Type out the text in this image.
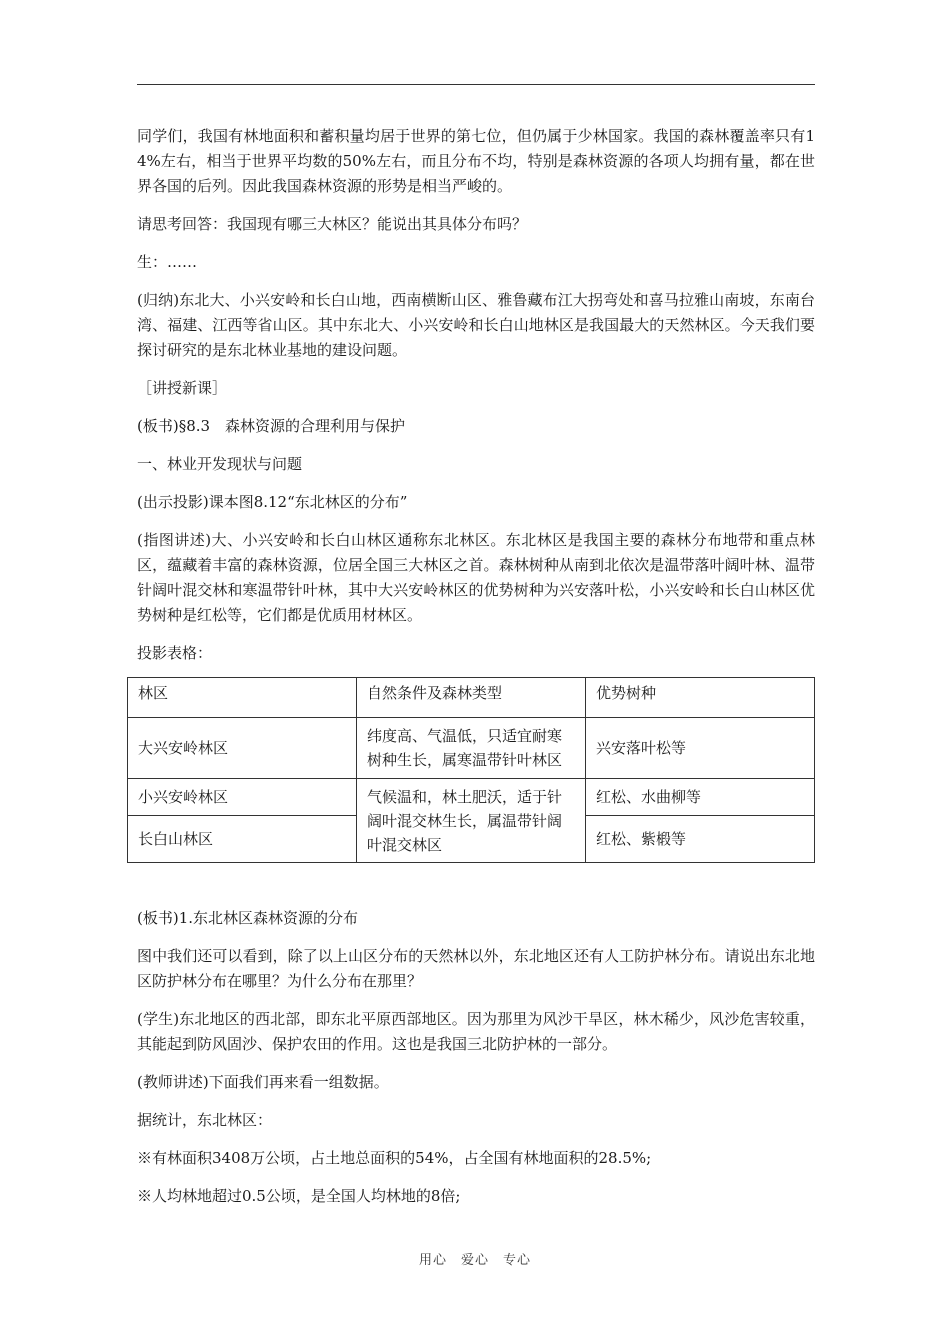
同学们，我国有林地面积和蓄积量均居于世界的第七位，但仍属于少林国家。我国的森林覆盖率只有14%左右，相当于世界平均数的50%左右，而且分布不均，特别是森林资源的各项人均拥有量，都在世界各国的后列。因此我国森林资源的形势是相当严峻的。

请思考回答：我国现有哪三大林区？能说出其具体分布吗？

生：……

(归纳)东北大、小兴安岭和长白山地，西南横断山区、雅鲁藏布江大拐弯处和喜马拉雅山南坡，东南台湾、福建、江西等省山区。其中东北大、小兴安岭和长白山地林区是我国最大的天然林区。今天我们要探讨研究的是东北林业基地的建设问题。

［讲授新课］

(板书)§8.3　森林资源的合理利用与保护

一、林业开发现状与问题

(出示投影)课本图8.12“东北林区的分布”

(指图讲述)大、小兴安岭和长白山林区通称东北林区。东北林区是我国主要的森林分布地带和重点林区，蕴藏着丰富的森林资源，位居全国三大林区之首。森林树种从南到北依次是温带落叶阔叶林、温带针阔叶混交林和寒温带针叶林，其中大兴安岭林区的优势树种为兴安落叶松，小兴安岭和长白山林区优势树种是红松等，它们都是优质用材林区。

投影表格：

林区	自然条件及森林类型	优势树种
大兴安岭林区	纬度高、气温低，只适宜耐寒树种生长，属寒温带针叶林区	兴安落叶松等
小兴安岭林区	气候温和，林土肥沃，适于针阔叶混交林生长，属温带针阔叶混交林区	红松、水曲柳等
长白山林区		红松、紫椴等

(板书)1.东北林区森林资源的分布

图中我们还可以看到，除了以上山区分布的天然林以外，东北地区还有人工防护林分布。请说出东北地区防护林分布在哪里？为什么分布在那里？

(学生)东北地区的西北部，即东北平原西部地区。因为那里为风沙干旱区，林木稀少，风沙危害较重，其能起到防风固沙、保护农田的作用。这也是我国三北防护林的一部分。

(教师讲述)下面我们再来看一组数据。

据统计，东北林区：

※有林面积3408万公顷，占土地总面积的54%，占全国有林地面积的28.5%;

※人均林地超过0.5公顷，是全国人均林地的8倍;

用心　爱心　专心
